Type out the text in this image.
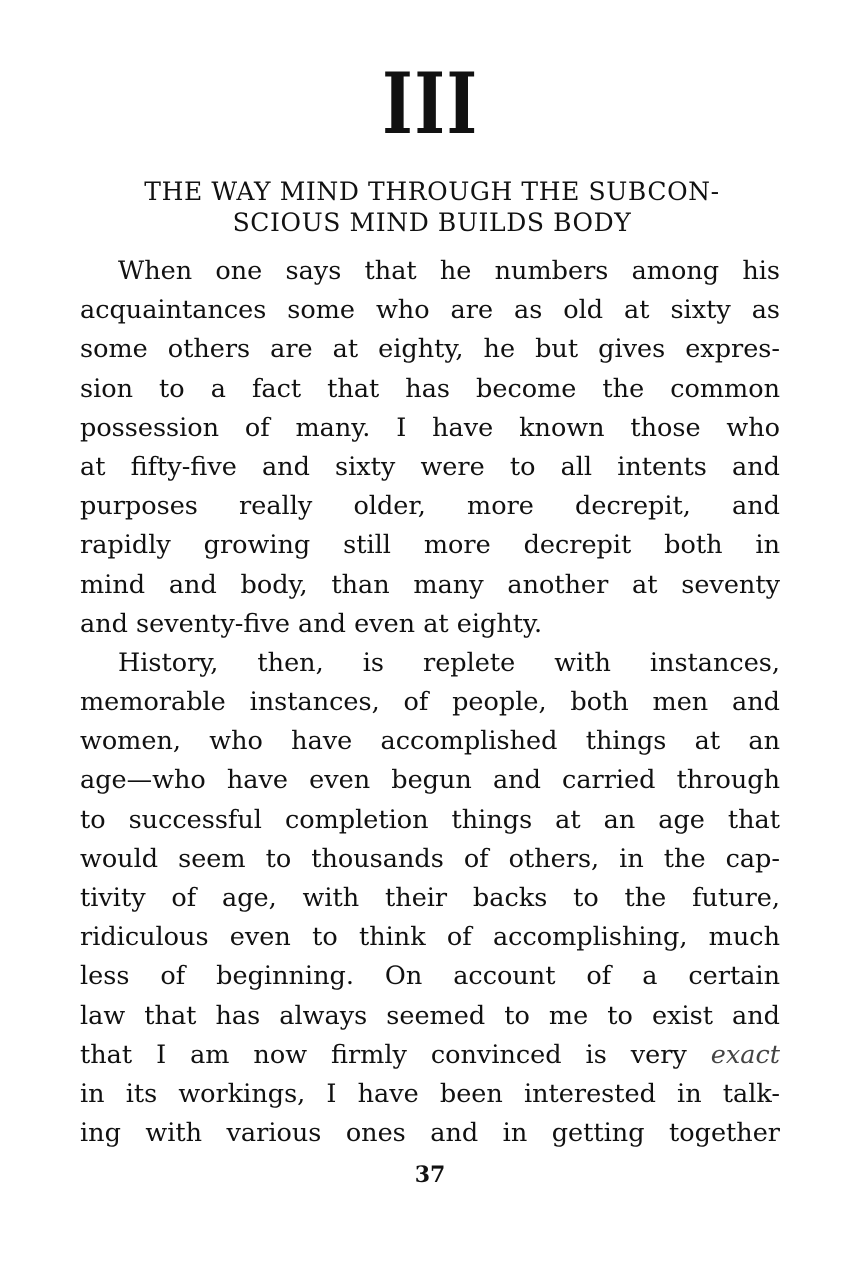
III
THE WAY MIND THROUGH THE SUBCON-
SCIOUS MIND BUILDS BODY
When one says that he numbers among his
acquaintances some who are as old at sixty as
some others are at eighty, he but gives expres-
sion to a fact that has become the common
possession of many. I have known those who
at fifty-five and sixty were to all intents and
purposes really older, more decrepit, and
rapidly growing still more decrepit both in
mind and body, than many another at seventy
and seventy-five and even at eighty.
History, then, is replete with instances,
memorable instances, of people, both men and
women, who have accomplished things at an
age—who have even begun and carried through
to successful completion things at an age that
would seem to thousands of others, in the cap-
tivity of age, with their backs to the future,
ridiculous even to think of accomplishing, much
less of beginning. On account of a certain
law that has always seemed to me to exist and
that I am now firmly convinced is very exact
in its workings, I have been interested in talk-
ing with various ones and in getting together
37
